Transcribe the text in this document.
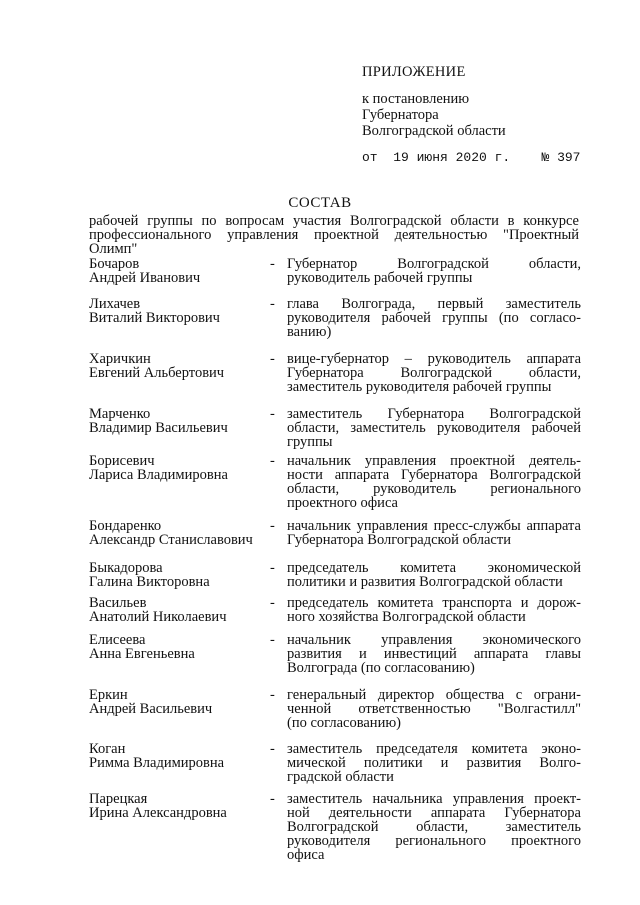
ПРИЛОЖЕНИЕ
к постановлению
Губернатора
Волгоградской области
от 19 июня 2020 г. № 397
СОСТАВ
рабочей группы по вопросам участия Волгоградской области в конкурсе
профессионального управления проектной деятельностью "Проектный Олимп"
Бочаров
Андрей Иванович
- Губернатор Волгоградской области,
руководитель рабочей группы
Лихачев
Виталий Викторович
- глава Волгограда, первый заместитель
руководителя рабочей группы (по согласо-
ванию)
Харичкин
Евгений Альбертович
- вице-губернатор – руководитель аппарата
Губернатора Волгоградской области,
заместитель руководителя рабочей группы
Марченко
Владимир Васильевич
- заместитель Губернатора Волгоградской
области, заместитель руководителя рабочей
группы
Борисевич
Лариса Владимировна
- начальник управления проектной деятель-
ности аппарата Губернатора Волгоградской
области, руководитель регионального
проектного офиса
Бондаренко
Александр Станиславович
- начальник управления пресс-службы аппарата
Губернатора Волгоградской области
Быкадорова
Галина Викторовна
- председатель комитета экономической
политики и развития Волгоградской области
Васильев
Анатолий Николаевич
- председатель комитета транспорта и дорож-
ного хозяйства Волгоградской области
Елисеева
Анна Евгеньевна
- начальник управления экономического
развития и инвестиций аппарата главы
Волгограда (по согласованию)
Еркин
Андрей Васильевич
- генеральный директор общества с ограни-
ченной ответственностью "Волгастилл"
(по согласованию)
Коган
Римма Владимировна
- заместитель председателя комитета эконо-
мической политики и развития Волго-
градской области
Парецкая
Ирина Александровна
- заместитель начальника управления проект-
ной деятельности аппарата Губернатора
Волгоградской области, заместитель
руководителя регионального проектного
офиса
